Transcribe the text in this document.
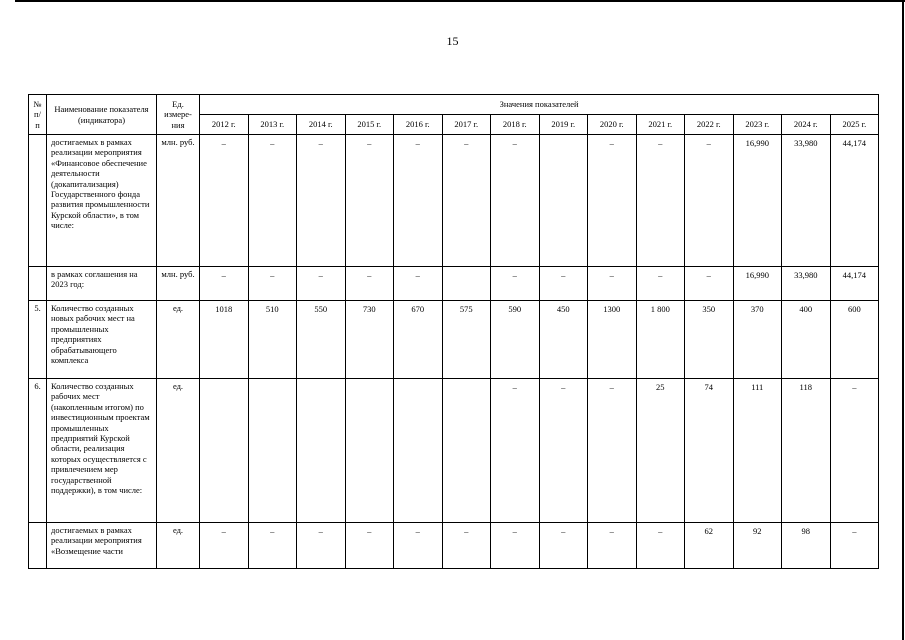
15
№ п/п	Наименование показателя (индикатора)	Ед. измере-ния	Значения показателей													
			2012 г.	2013 г.	2014 г.	2015 г.	2016 г.	2017 г.	2018 г.	2019 г.	2020 г.	2021 г.	2022 г.	2023 г.	2024 г.	2025 г.
	достигаемых в рамках реализации мероприятия «Финансовое обеспечение деятельности (докапитализация) Государственного фонда развития промышленности Курской области», в том числе:	млн. руб.	–	–	–	–	–	–	–		–	–	–	16,990	33,980	44,174
	в рамках соглашения на 2023 год:	млн. руб.	–	–	–	–	–		–	–	–	–	–	16,990	33,980	44,174
5.	Количество созданных новых рабочих мест на промышленных предприятиях обрабатывающего комплекса	ед.	1018	510	550	730	670	575	590	450	1300	1 800	350	370	400	600
6.	Количество созданных рабочих мест (накопленным итогом) по инвестиционным проектам промышленных предприятий Курской области, реализация которых осуществляется с привлечением мер государственной поддержки), в том числе:	ед.							–	–	–	25	74	111	118	–
	достигаемых в рамках реализации мероприятия «Возмещение части	ед.	–	–	–	–	–	–	–	–	–	–	62	92	98	–
